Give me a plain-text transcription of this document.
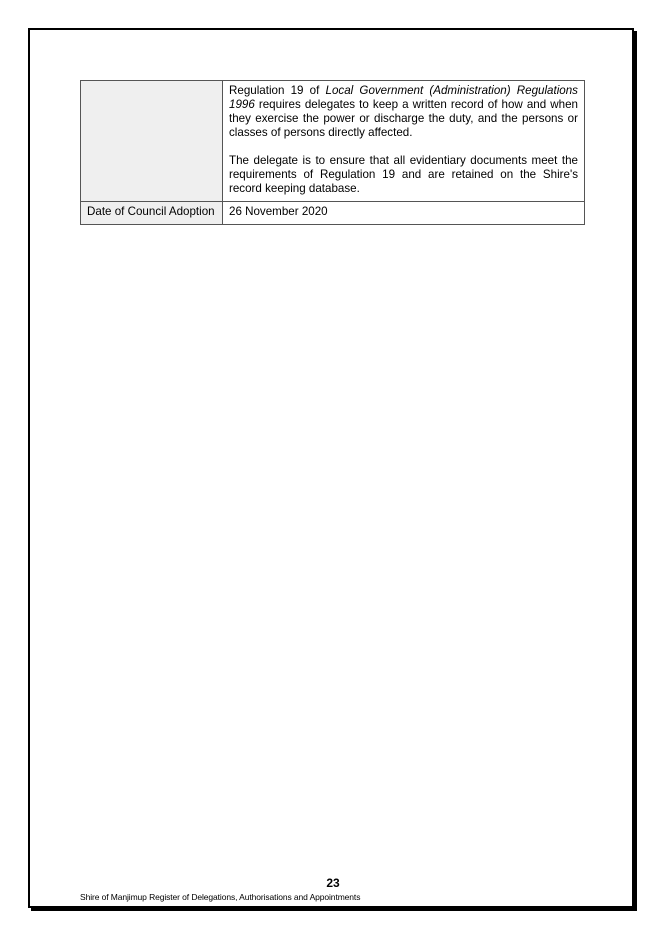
	Regulation 19 of Local Government (Administration) Regulations 1996 requires delegates to keep a written record of how and when they exercise the power or discharge the duty, and the persons or classes of persons directly affected.

The delegate is to ensure that all evidentiary documents meet the requirements of Regulation 19 and are retained on the Shire's record keeping database.

Date of Council Adoption	26 November 2020
23
Shire of Manjimup Register of Delegations, Authorisations and Appointments
